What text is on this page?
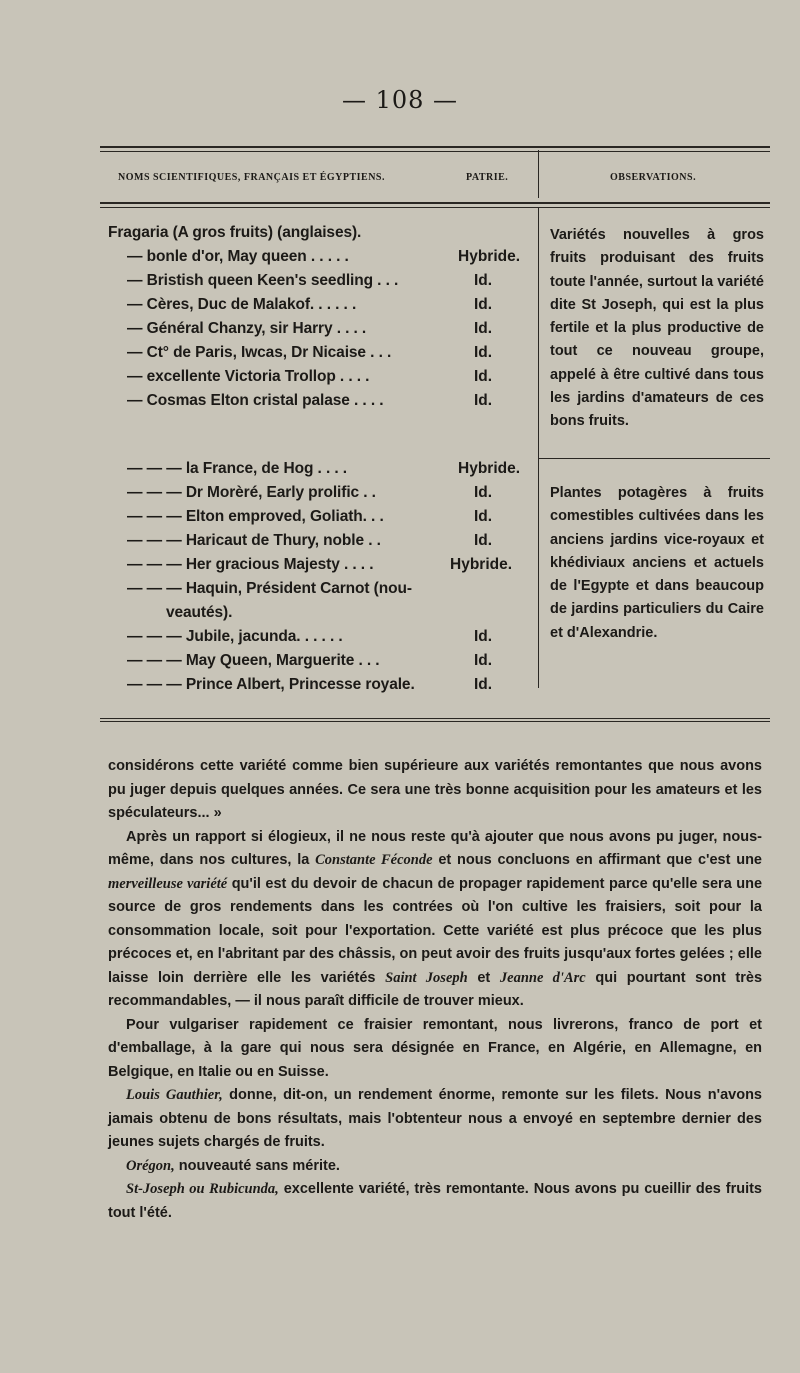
— 108 —
NOMS SCIENTIFIQUES, FRANÇAIS ET ÉGYPTIENS.	PATRIE.	OBSERVATIONS.
Fragaria (A gros fruits) (anglaises).
— bonle d'or, May queen . . . . .	Hybride.
— Bristish queen Keen's seedling . . .	Id.
— Cères, Duc de Malakof. . . . . .	Id.
— Général Chanzy, sir Harry . . . .	Id.
— Ct° de Paris, Iwcas, Dr Nicaise . . .	Id.
— excellente Victoria Trollop . . . .	Id.
— Cosmas Elton cristal palase . . . .	Id.
— — — la France, de Hog . . . .	Hybride.
— — — Dr Morèré, Early prolific . .	Id.
— — — Elton emproved, Goliath. . .	Id.
— — — Haricaut de Thury, noble . .	Id.
— — — Her gracious Majesty . . . .	Hybride.
— — — Haquin, Président Carnot (nou-
veautés).
— — — Jubile, jacunda. . . . . .	Id.
— — — May Queen, Marguerite . . .	Id.
— — — Prince Albert, Princesse royale.	Id.
Variétés nouvelles à gros fruits produisant des fruits toute l'année, surtout la variété dite St Joseph, qui est la plus fertile et la plus productive de tout ce nouveau groupe, appelé à être cultivé dans tous les jardins d'amateurs de ces bons fruits.
Plantes potagères à fruits comestibles cultivées dans les anciens jardins vice-royaux et khédiviaux anciens et actuels de l'Egypte et dans beaucoup de jardins particuliers du Caire et d'Alexandrie.

considérons cette variété comme bien supérieure aux variétés remontantes que nous avons pu juger depuis quelques années. Ce sera une très bonne acquisition pour les amateurs et les spéculateurs... »

Après un rapport si élogieux, il ne nous reste qu'à ajouter que nous avons pu juger, nous-même, dans nos cultures, la Constante Féconde et nous concluons en affirmant que c'est une merveilleuse variété qu'il est du devoir de chacun de propager rapidement parce qu'elle sera une source de gros rendements dans les contrées où l'on cultive les fraisiers, soit pour la consommation locale, soit pour l'exportation. Cette variété est plus précoce que les plus précoces et, en l'abritant par des châssis, on peut avoir des fruits jusqu'aux fortes gelées ; elle laisse loin derrière elle les variétés Saint Joseph et Jeanne d'Arc qui pourtant sont très recommandables, — il nous paraît difficile de trouver mieux.

Pour vulgariser rapidement ce fraisier remontant, nous livrerons, franco de port et d'emballage, à la gare qui nous sera désignée en France, en Algérie, en Allemagne, en Belgique, en Italie ou en Suisse.

Louis Gauthier, donne, dit-on, un rendement énorme, remonte sur les filets. Nous n'avons jamais obtenu de bons résultats, mais l'obtenteur nous a envoyé en septembre dernier des jeunes sujets chargés de fruits.

Orégon, nouveauté sans mérite.

St-Joseph ou Rubicunda, excellente variété, très remontante. Nous avons pu cueillir des fruits tout l'été.
